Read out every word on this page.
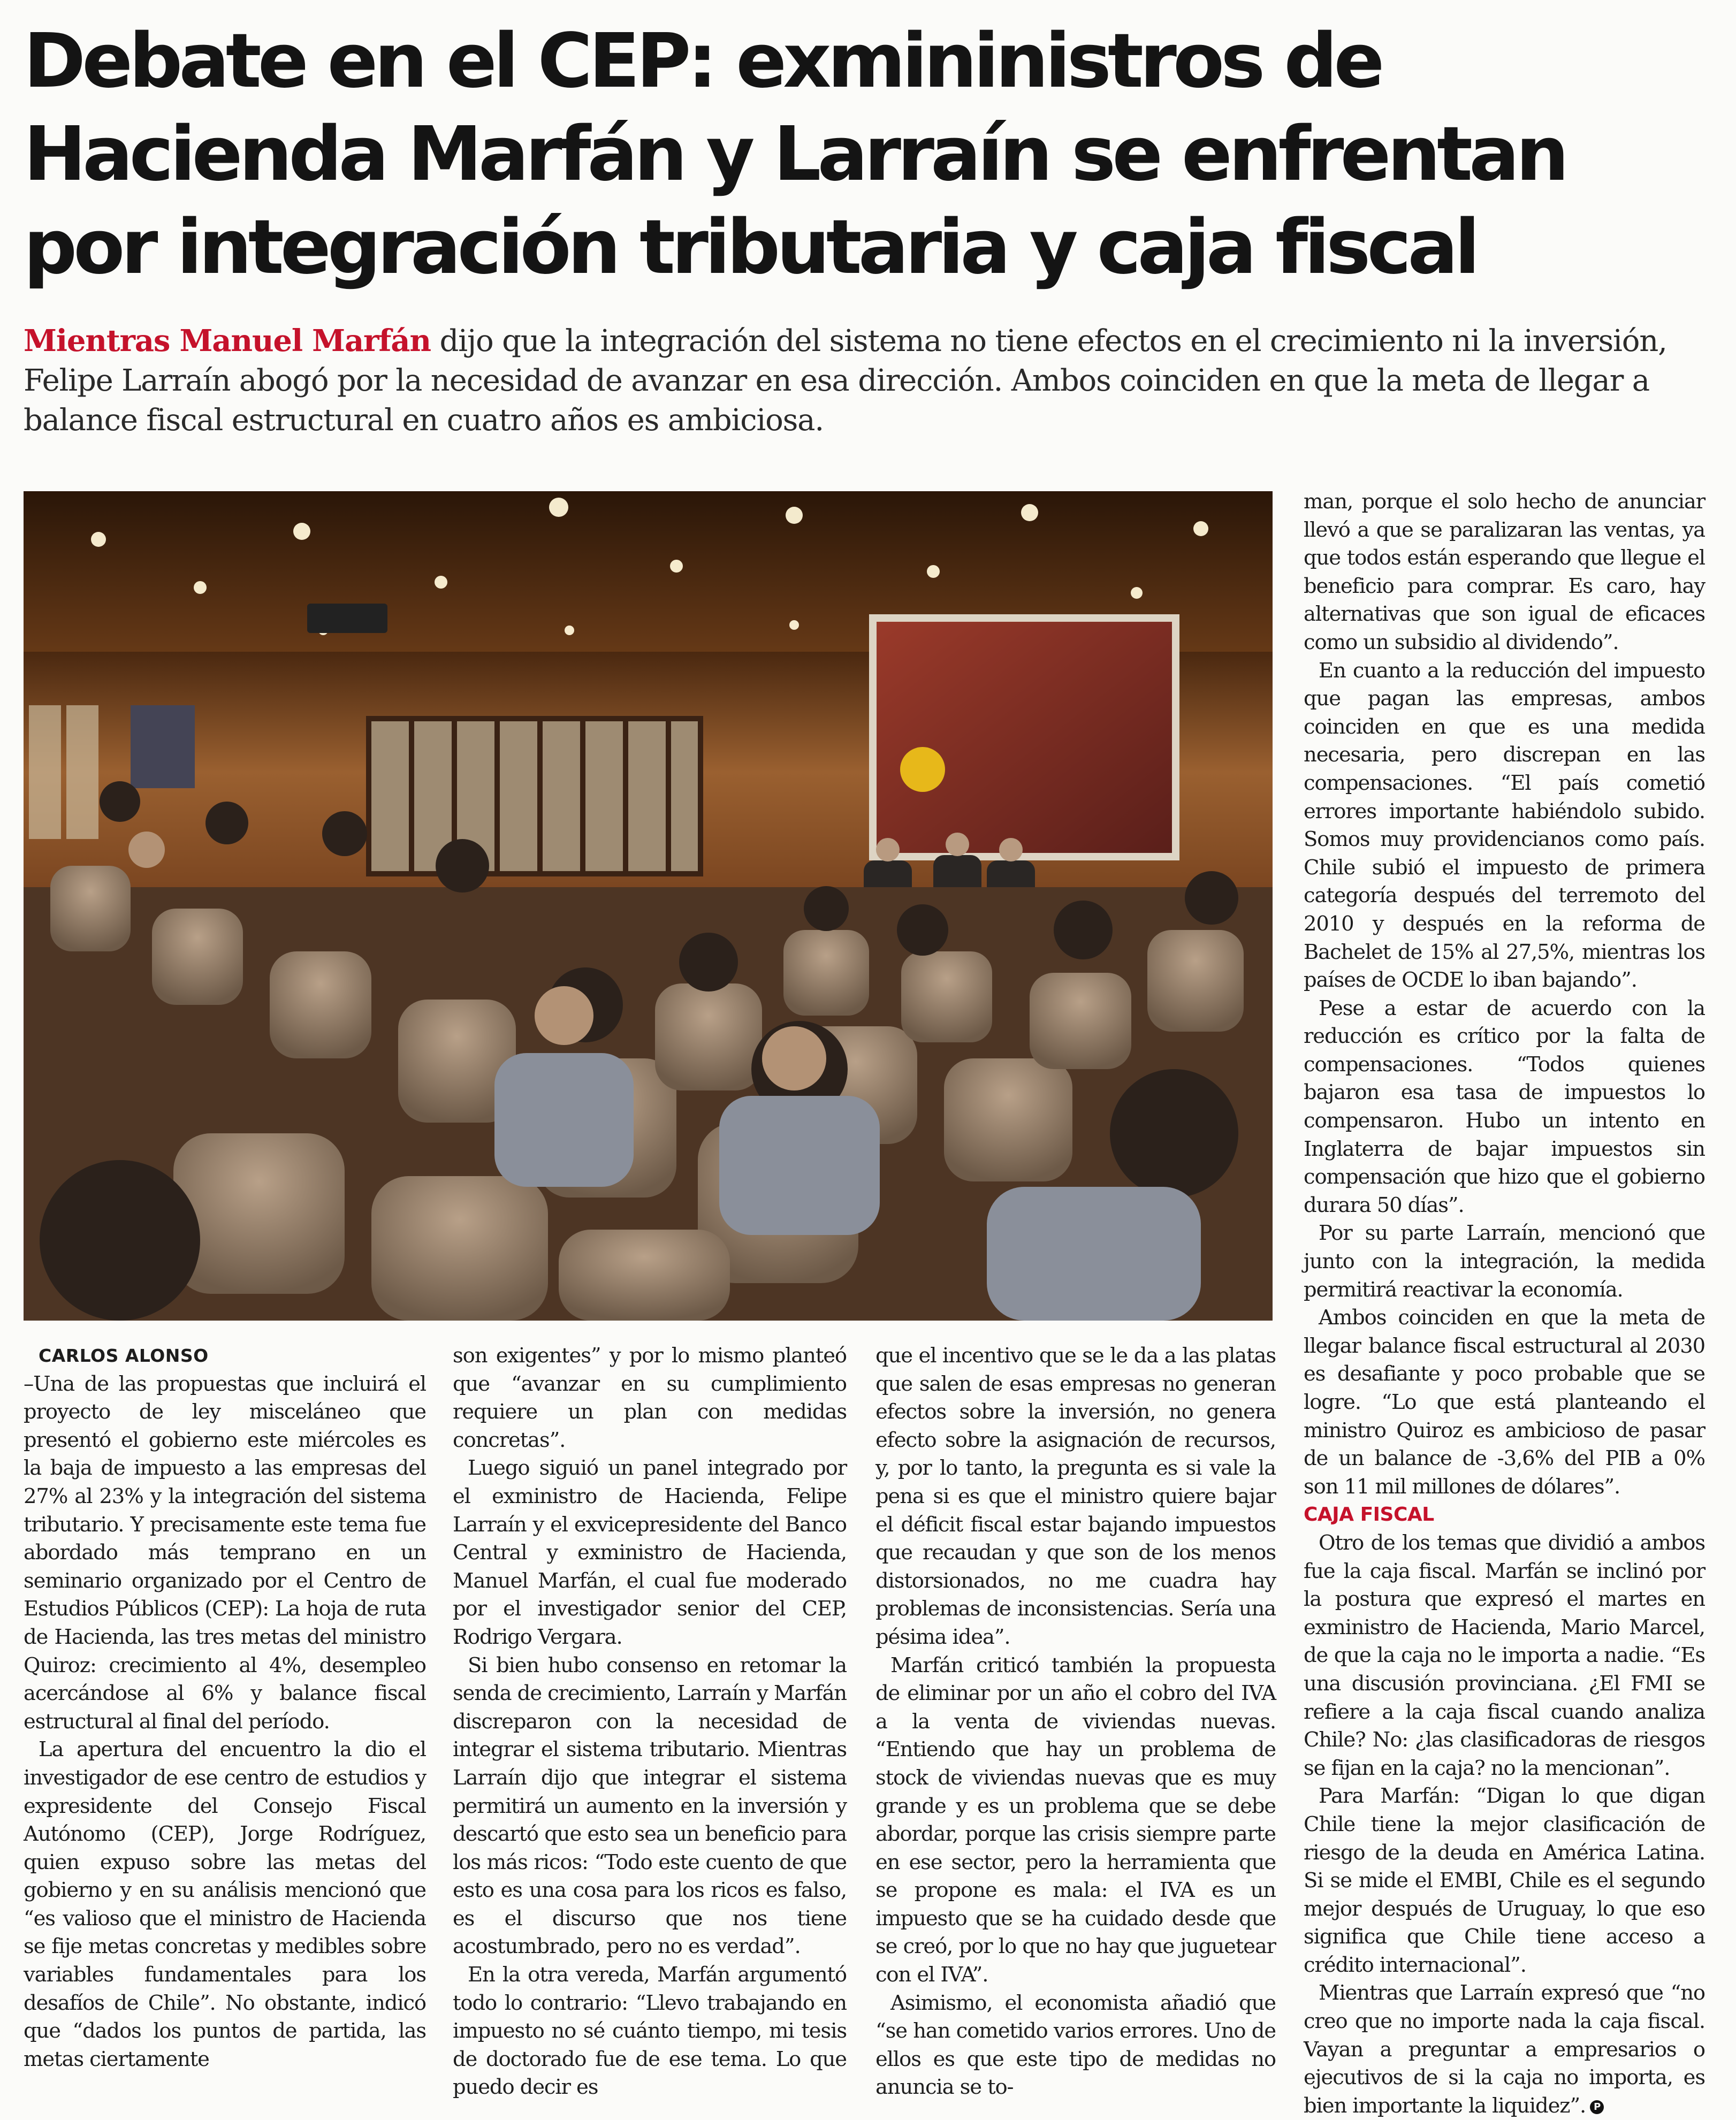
Debate en el CEP: exmininistros de Hacienda Marfán y Larraín se enfrentan por integración tributaria y caja fiscal

Mientras Manuel Marfán dijo que la integración del sistema no tiene efectos en el crecimiento ni la inversión, Felipe Larraín abogó por la necesidad de avanzar en esa dirección. Ambos coinciden en que la meta de llegar a balance fiscal estructural en cuatro años es ambiciosa.

CARLOS ALONSO

–Una de las propuestas que incluirá el proyecto de ley misceláneo que presentó el gobierno este miércoles es la baja de impuesto a las empresas del 27% al 23% y la integración del sistema tributario. Y precisamente este tema fue abordado más temprano en un seminario organizado por el Centro de Estudios Públicos (CEP): La hoja de ruta de Hacienda, las tres metas del ministro Quiroz: crecimiento al 4%, desempleo acercándose al 6% y balance fiscal estructural al final del período.

La apertura del encuentro la dio el investigador de ese centro de estudios y expresidente del Consejo Fiscal Autónomo (CEP), Jorge Rodríguez, quien expuso sobre las metas del gobierno y en su análisis mencionó que “es valioso que el ministro de Hacienda se fije metas concretas y medibles sobre variables fundamentales para los desafíos de Chile”. No obstante, indicó que “dados los puntos de partida, las metas ciertamente

son exigentes” y por lo mismo planteó que “avanzar en su cumplimiento requiere un plan con medidas concretas”.

Luego siguió un panel integrado por el exministro de Hacienda, Felipe Larraín y el exvicepresidente del Banco Central y exministro de Hacienda, Manuel Marfán, el cual fue moderado por el investigador senior del CEP, Rodrigo Vergara.

Si bien hubo consenso en retomar la senda de crecimiento, Larraín y Marfán discreparon con la necesidad de integrar el sistema tributario. Mientras Larraín dijo que integrar el sistema permitirá un aumento en la inversión y descartó que esto sea un beneficio para los más ricos: “Todo este cuento de que esto es una cosa para los ricos es falso, es el discurso que nos tiene acostumbrado, pero no es verdad”.

En la otra vereda, Marfán argumentó todo lo contrario: “Llevo trabajando en impuesto no sé cuánto tiempo, mi tesis de doctorado fue de ese tema. Lo que puedo decir es

que el incentivo que se le da a las platas que salen de esas empresas no generan efectos sobre la inversión, no genera efecto sobre la asignación de recursos, y, por lo tanto, la pregunta es si vale la pena si es que el ministro quiere bajar el déficit fiscal estar bajando impuestos que recaudan y que son de los menos distorsionados, no me cuadra hay problemas de inconsistencias. Sería una pésima idea”.

Marfán criticó también la propuesta de eliminar por un año el cobro del IVA a la venta de viviendas nuevas. “Entiendo que hay un problema de stock de viviendas nuevas que es muy grande y es un problema que se debe abordar, porque las crisis siempre parte en ese sector, pero la herramienta que se propone es mala: el IVA es un impuesto que se ha cuidado desde que se creó, por lo que no hay que juguetear con el IVA”.

Asimismo, el economista añadió que “se han cometido varios errores. Uno de ellos es que este tipo de medidas no anuncia se to-

man, porque el solo hecho de anunciar llevó a que se paralizaran las ventas, ya que todos están esperando que llegue el beneficio para comprar. Es caro, hay alternativas que son igual de eficaces como un subsidio al dividendo”.

En cuanto a la reducción del impuesto que pagan las empresas, ambos coinciden en que es una medida necesaria, pero discrepan en las compensaciones. “El país cometió errores importante habiéndolo subido. Somos muy providencianos como país. Chile subió el impuesto de primera categoría después del terremoto del 2010 y después en la reforma de Bachelet de 15% al 27,5%, mientras los países de OCDE lo iban bajando”.

Pese a estar de acuerdo con la reducción es crítico por la falta de compensaciones. “Todos quienes bajaron esa tasa de impuestos lo compensaron. Hubo un intento en Inglaterra de bajar impuestos sin compensación que hizo que el gobierno durara 50 días”.

Por su parte Larraín, mencionó que junto con la integración, la medida permitirá reactivar la economía.

Ambos coinciden en que la meta de llegar balance fiscal estructural al 2030 es desafiante y poco probable que se logre. “Lo que está planteando el ministro Quiroz es ambicioso de pasar de un balance de -3,6% del PIB a 0% son 11 mil millones de dólares”.

CAJA FISCAL

Otro de los temas que dividió a ambos fue la caja fiscal. Marfán se inclinó por la postura que expresó el martes en exministro de Hacienda, Mario Marcel, de que la caja no le importa a nadie. “Es una discusión provinciana. ¿El FMI se refiere a la caja fiscal cuando analiza Chile? No: ¿las clasificadoras de riesgos se fijan en la caja? no la mencionan”.

Para Marfán: “Digan lo que digan Chile tiene la mejor clasificación de riesgo de la deuda en América Latina. Si se mide el EMBI, Chile es el segundo mejor después de Uruguay, lo que eso significa que Chile tiene acceso a crédito internacional”.

Mientras que Larraín expresó que “no creo que no importe nada la caja fiscal. Vayan a preguntar a empresarios o ejecutivos de si la caja no importa, es bien importante la liquidez”. P
